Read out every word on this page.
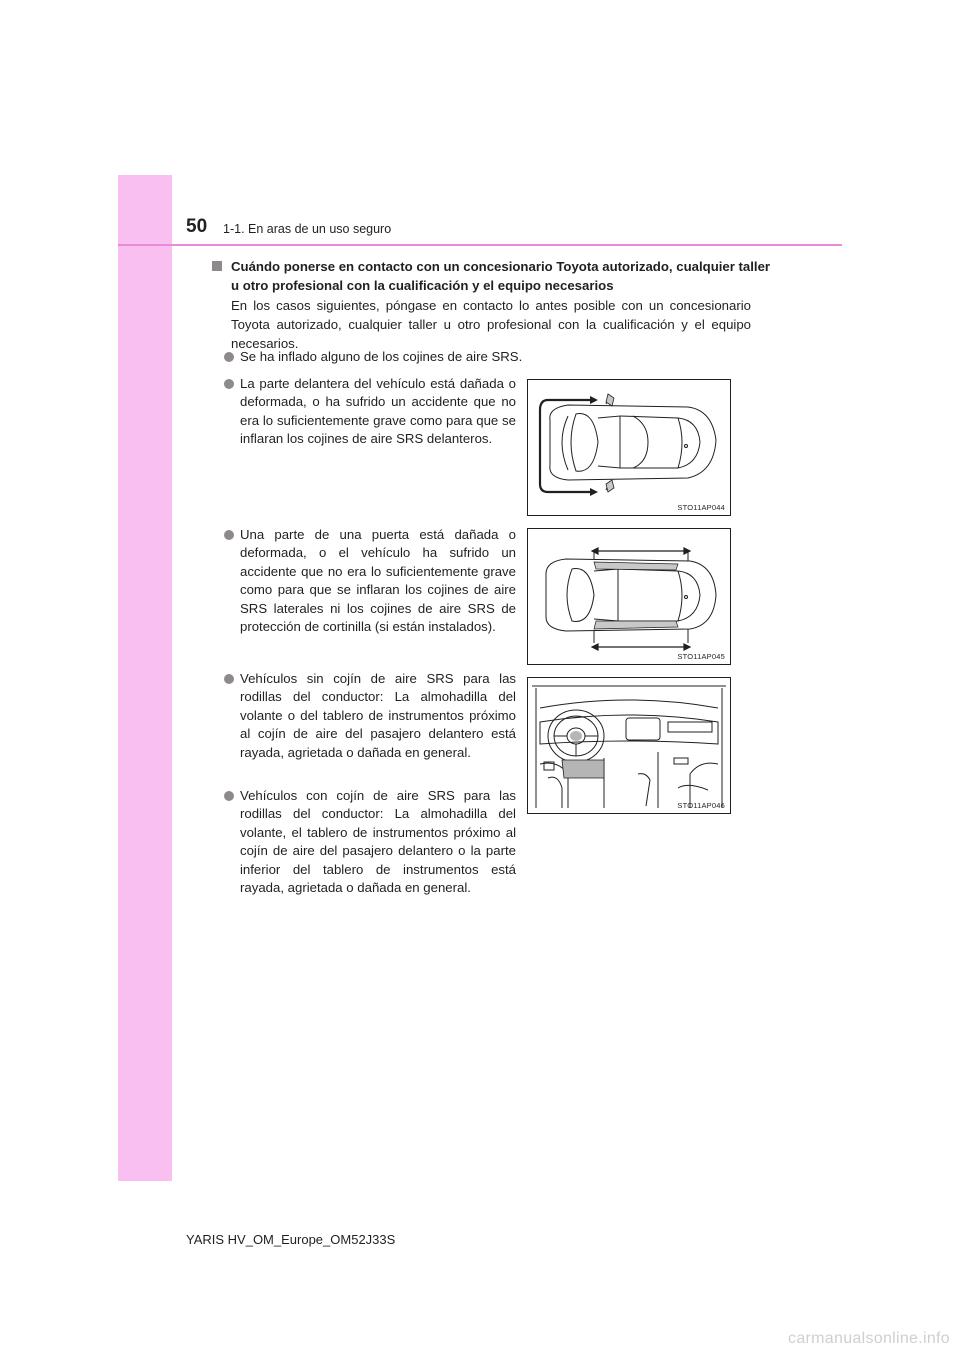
50 1-1. En aras de un uso seguro
Cuándo ponerse en contacto con un concesionario Toyota autorizado, cualquier taller u otro profesional con la cualificación y el equipo necesarios
En los casos siguientes, póngase en contacto lo antes posible con un concesionario Toyota autorizado, cualquier taller u otro profesional con la cualificación y el equipo necesarios.
Se ha inflado alguno de los cojines de aire SRS.
La parte delantera del vehículo está dañada o deformada, o ha sufrido un accidente que no era lo suficientemente grave como para que se inflaran los cojines de aire SRS delanteros.
Una parte de una puerta está dañada o deformada, o el vehículo ha sufrido un accidente que no era lo suficientemente grave como para que se inflaran los cojines de aire SRS laterales ni los cojines de aire SRS de protección de cortinilla (si están instalados).
Vehículos sin cojín de aire SRS para las rodillas del conductor: La almohadilla del volante o del tablero de instrumentos próximo al cojín de aire del pasajero delantero está rayada, agrietada o dañada en general.
Vehículos con cojín de aire SRS para las rodillas del conductor: La almohadilla del volante, el tablero de instrumentos próximo al cojín de aire del pasajero delantero o la parte inferior del tablero de instrumentos está rayada, agrietada o dañada en general.
STO11AP044
STO11AP045
STO11AP046
YARIS HV_OM_Europe_OM52J33S
carmanualsonline.info
